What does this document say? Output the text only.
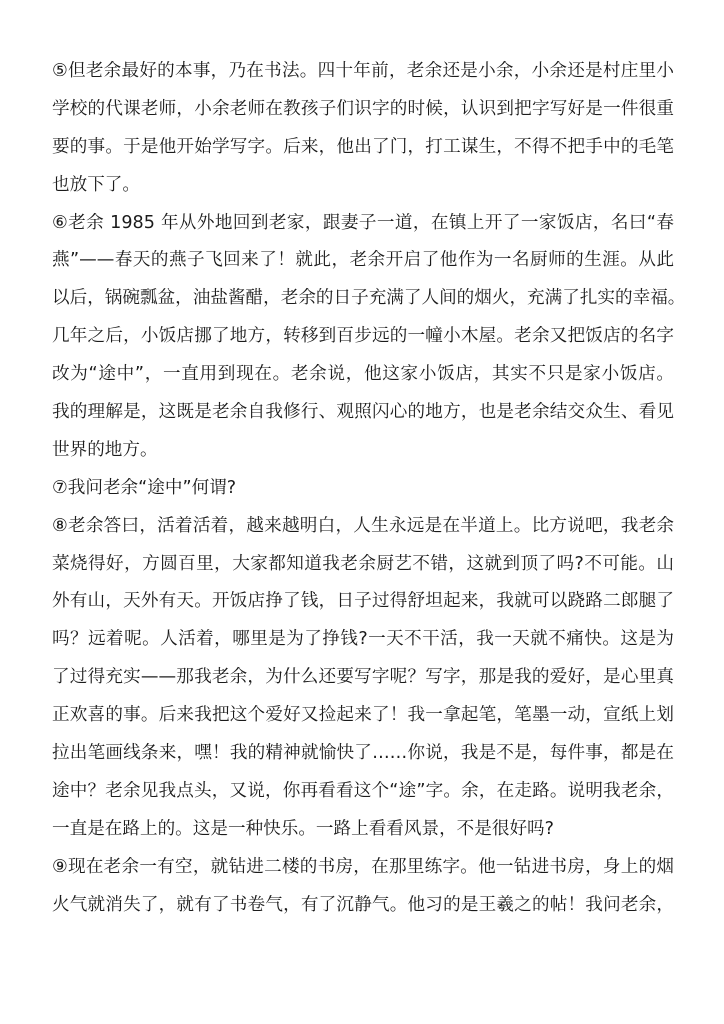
⑤但老余最好的本事，乃在书法。四十年前，老余还是小余，小余还是村庄里小
学校的代课老师，小余老师在教孩子们识字的时候，认识到把字写好是一件很重
要的事。于是他开始学写字。后来，他出了门，打工谋生，不得不把手中的毛笔
也放下了。
⑥老余 1985 年从外地回到老家，跟妻子一道，在镇上开了一家饭店，名曰“春
燕”——春天的燕子飞回来了！就此，老余开启了他作为一名厨师的生涯。从此
以后，锅碗瓢盆，油盐酱醋，老余的日子充满了人间的烟火，充满了扎实的幸福。
几年之后，小饭店挪了地方，转移到百步远的一幢小木屋。老余又把饭店的名字
改为“途中”，一直用到现在。老余说，他这家小饭店，其实不只是家小饭店。
我的理解是，这既是老余自我修行、观照闪心的地方，也是老余结交众生、看见
世界的地方。
⑦我问老余“途中”何谓?
⑧老余答曰，活着活着，越来越明白，人生永远是在半道上。比方说吧，我老余
菜烧得好，方圆百里，大家都知道我老余厨艺不错，这就到顶了吗?不可能。山
外有山，天外有天。开饭店挣了钱，日子过得舒坦起来，我就可以跷路二郎腿了
吗？远着呢。人活着，哪里是为了挣钱?一天不干活，我一天就不痛快。这是为
了过得充实——那我老余，为什么还要写字呢？写字，那是我的爱好，是心里真
正欢喜的事。后来我把这个爱好又捡起来了！我一拿起笔，笔墨一动，宣纸上划
拉出笔画线条来，嘿！我的精神就愉快了……你说，我是不是，每件事，都是在
途中？老余见我点头，又说，你再看看这个“途”字。余，在走路。说明我老余，
一直是在路上的。这是一种快乐。一路上看看风景，不是很好吗?
⑨现在老余一有空，就钻进二楼的书房，在那里练字。他一钻进书房，身上的烟
火气就消失了，就有了书卷气，有了沉静气。他习的是王羲之的帖！我问老余，
